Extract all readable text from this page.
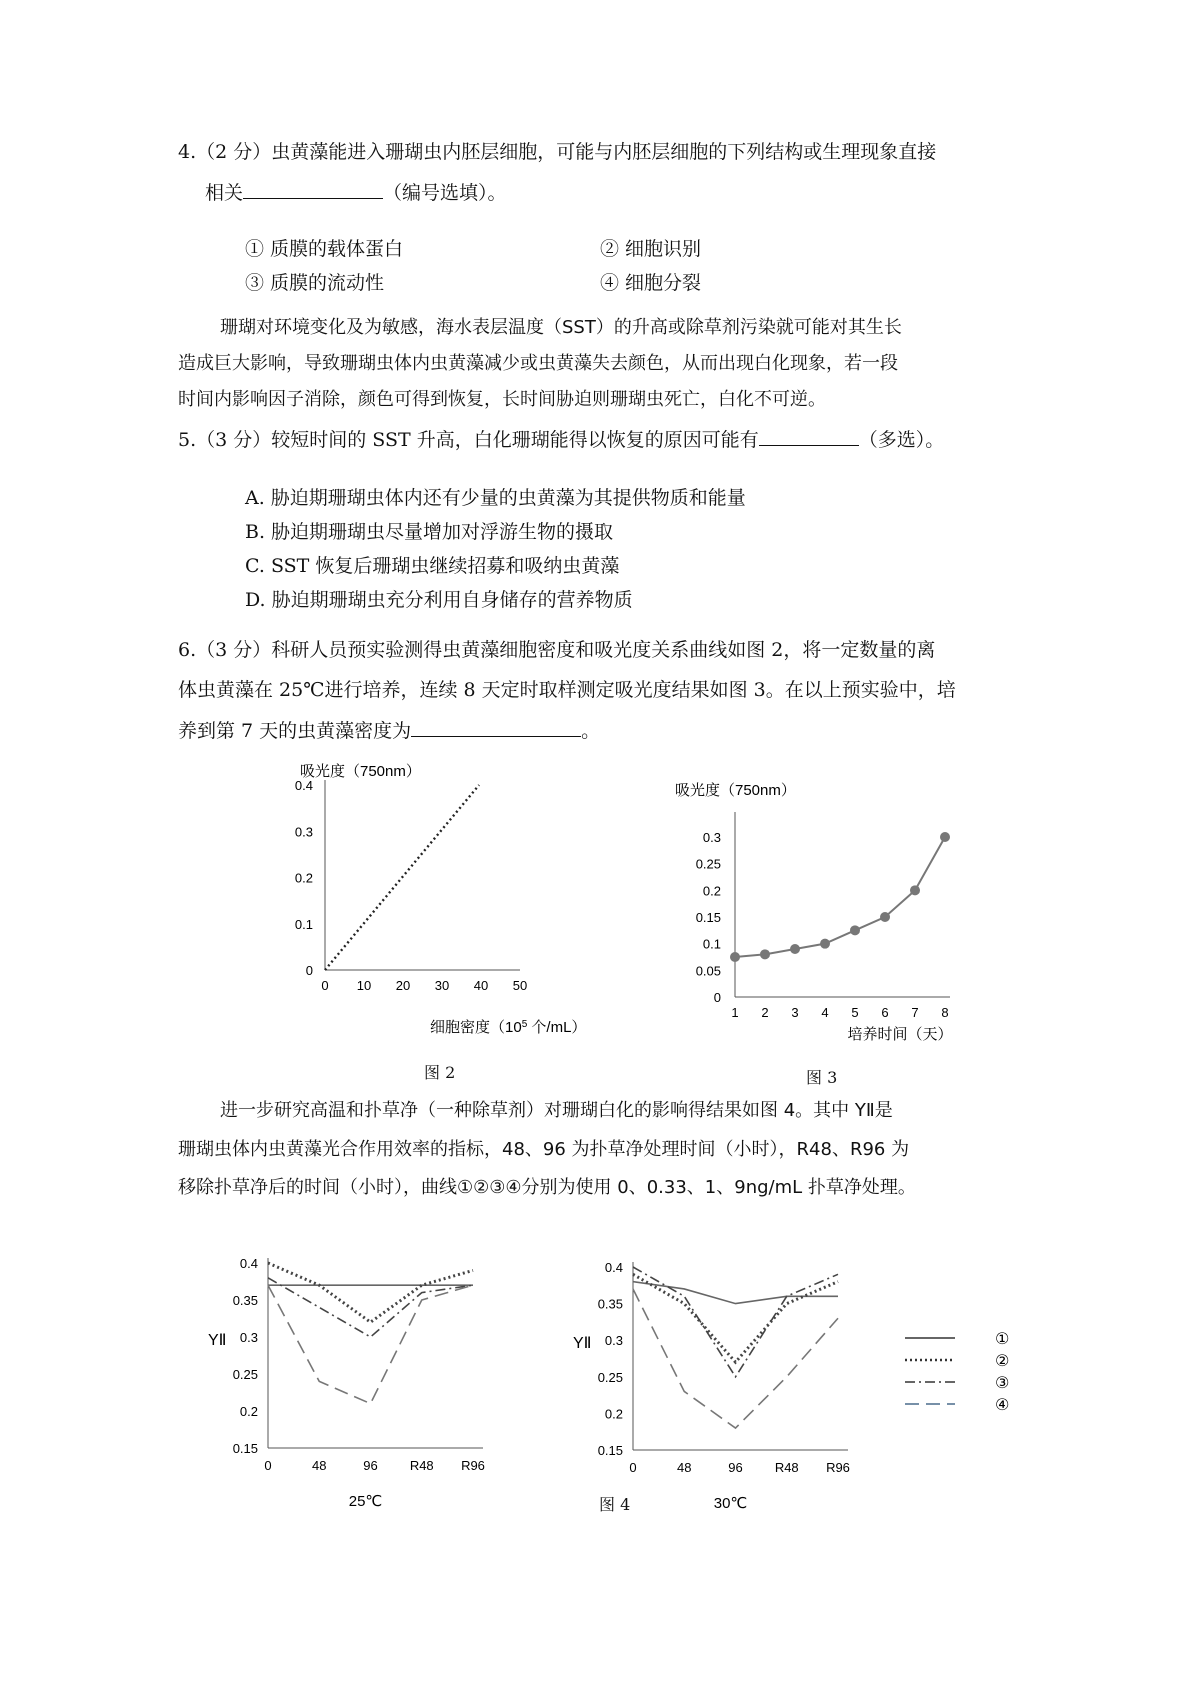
4.（2 分）虫黄藻能进入珊瑚虫内胚层细胞，可能与内胚层细胞的下列结构或生理现象直接
相关	（编号选填）。
① 质膜的载体蛋白	② 细胞识别
③ 质膜的流动性	④ 细胞分裂
珊瑚对环境变化及为敏感，海水表层温度（SST）的升高或除草剂污染就可能对其生长
造成巨大影响，导致珊瑚虫体内虫黄藻减少或虫黄藻失去颜色，从而出现白化现象，若一段
时间内影响因子消除，颜色可得到恢复，长时间胁迫则珊瑚虫死亡，白化不可逆。
5.（3 分）较短时间的 SST 升高，白化珊瑚能得以恢复的原因可能有	（多选）。
A. 胁迫期珊瑚虫体内还有少量的虫黄藻为其提供物质和能量
B. 胁迫期珊瑚虫尽量增加对浮游生物的摄取
C. SST 恢复后珊瑚虫继续招募和吸纳虫黄藻
D. 胁迫期珊瑚虫充分利用自身储存的营养物质
6.（3 分）科研人员预实验测得虫黄藻细胞密度和吸光度关系曲线如图 2，将一定数量的离
体虫黄藻在 25℃进行培养，连续 8 天定时取样测定吸光度结果如图 3。在以上预实验中，培
养到第 7 天的虫黄藻密度为	。
吸光度（750nm）
0
0.1
0.2
0.3
0.4
0 10 20 30 40 50
细胞密度（$10^5$ 个/mL）
图 2
吸光度（750nm）
0
0.05
0.1
0.15
0.2
0.25
0.3
1 2 3 4 5 6 7 8
培养时间（天）
图 3
进一步研究高温和扑草净（一种除草剂）对珊瑚白化的影响得结果如图 4。其中 YⅡ是
珊瑚虫体内虫黄藻光合作用效率的指标，48、96 为扑草净处理时间（小时），R48、R96 为
移除扑草净后的时间（小时），曲线①②③④分别为使用 0、0.33、1、9ng/mL 扑草净处理。
0.15
0.2
0.25
0.3
0.35
0.4
0	48	96 R48 R96
YⅡ
25℃
0.15
0.2
0.25
0.3
0.35
0.4
0	48	96 R48 R96
YⅡ
30℃
①
②
③
④
图 4
